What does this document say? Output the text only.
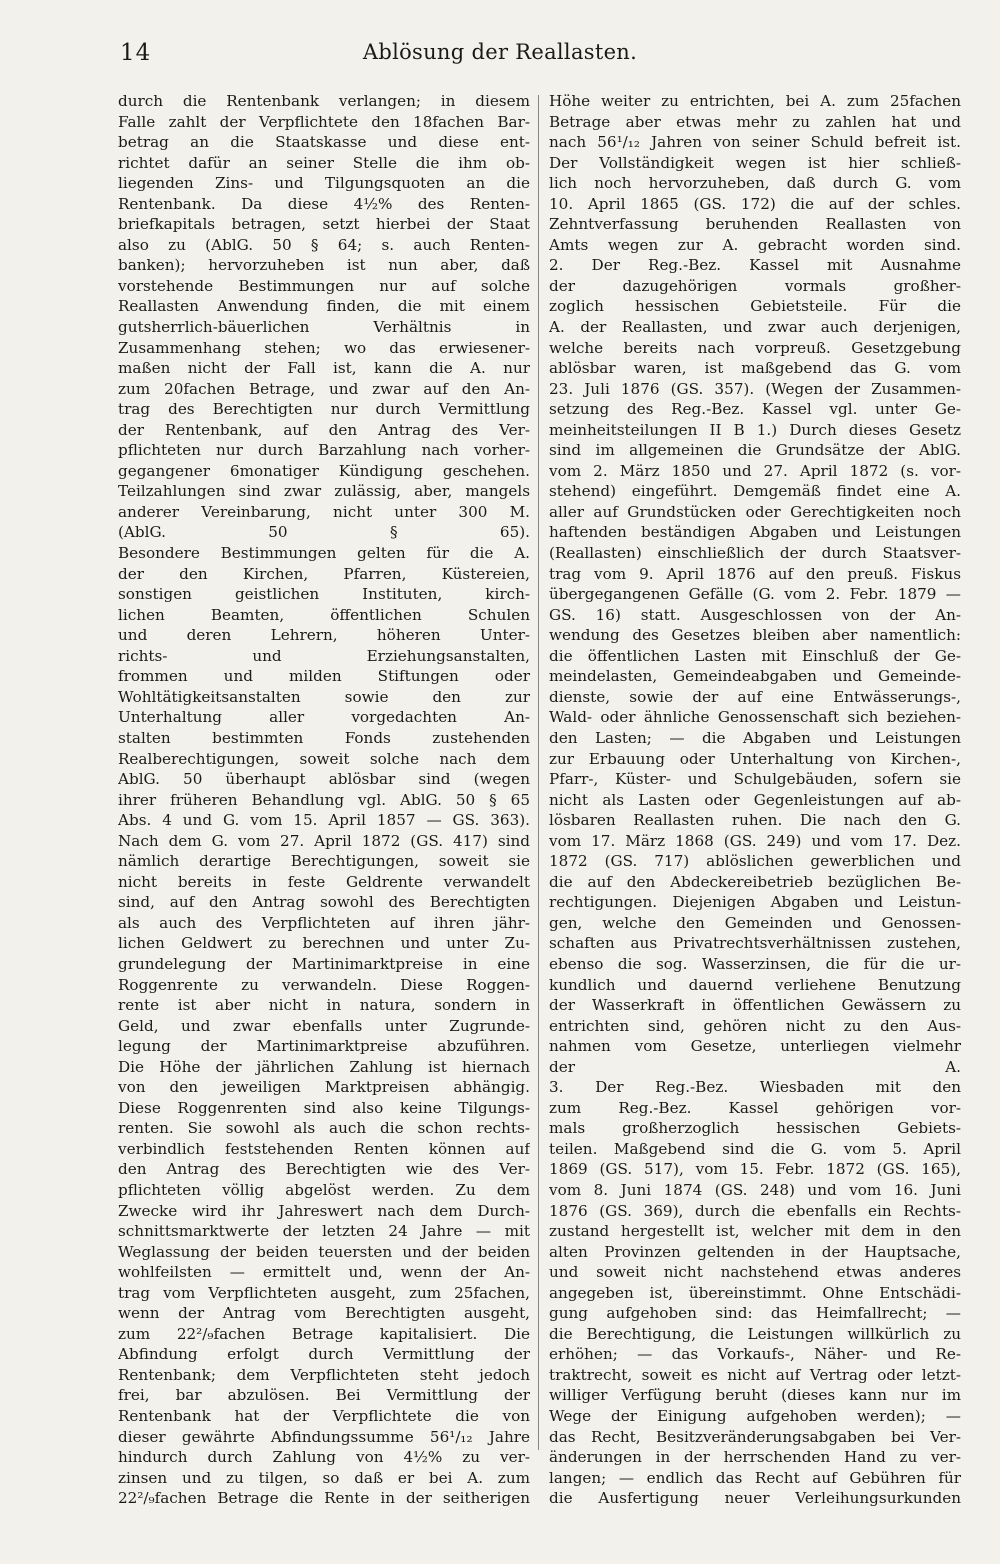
14	Ablösung der Reallasten.
durch die Rentenbank verlangen; in diesem
Falle zahlt der Verpflichtete den 18fachen Bar-
betrag an die Staatskasse und diese ent-
richtet dafür an seiner Stelle die ihm ob-
liegenden Zins- und Tilgungsquoten an die
Rentenbank. Da diese 4½% des Renten-
briefkapitals betragen, setzt hierbei der Staat
also zu (AblG. 50 § 64; s. auch Renten-
banken); hervorzuheben ist nun aber, daß
vorstehende Bestimmungen nur auf solche
Reallasten Anwendung finden, die mit einem
gutsherrlich-bäuerlichen Verhältnis in
Zusammenhang stehen; wo das erwiesener-
maßen nicht der Fall ist, kann die A. nur
zum 20fachen Betrage, und zwar auf den An-
trag des Berechtigten nur durch Vermittlung
der Rentenbank, auf den Antrag des Ver-
pflichteten nur durch Barzahlung nach vorher-
gegangener 6monatiger Kündigung geschehen.
Teilzahlungen sind zwar zulässig, aber, mangels
anderer Vereinbarung, nicht unter 300 M.
(AblG. 50 § 65).
Besondere Bestimmungen gelten für die A.
der den Kirchen, Pfarren, Küstereien,
sonstigen geistlichen Instituten, kirch-
lichen Beamten, öffentlichen Schulen
und deren Lehrern, höheren Unter-
richts- und Erziehungsanstalten,
frommen und milden Stiftungen oder
Wohltätigkeitsanstalten sowie den zur
Unterhaltung aller vorgedachten An-
stalten bestimmten Fonds zustehenden
Realberechtigungen, soweit solche nach dem
AblG. 50 überhaupt ablösbar sind (wegen
ihrer früheren Behandlung vgl. AblG. 50 § 65
Abs. 4 und G. vom 15. April 1857 — GS. 363).
Nach dem G. vom 27. April 1872 (GS. 417) sind
nämlich derartige Berechtigungen, soweit sie
nicht bereits in feste Geldrente verwandelt
sind, auf den Antrag sowohl des Berechtigten
als auch des Verpflichteten auf ihren jähr-
lichen Geldwert zu berechnen und unter Zu-
grundelegung der Martinimarktpreise in eine
Roggenrente zu verwandeln. Diese Roggen-
rente ist aber nicht in natura, sondern in
Geld, und zwar ebenfalls unter Zugrunde-
legung der Martinimarktpreise abzuführen.
Die Höhe der jährlichen Zahlung ist hiernach
von den jeweiligen Marktpreisen abhängig.
Diese Roggenrenten sind also keine Tilgungs-
renten. Sie sowohl als auch die schon rechts-
verbindlich feststehenden Renten können auf
den Antrag des Berechtigten wie des Ver-
pflichteten völlig abgelöst werden. Zu dem
Zwecke wird ihr Jahreswert nach dem Durch-
schnittsmarktwerte der letzten 24 Jahre — mit
Weglassung der beiden teuersten und der beiden
wohlfeilsten — ermittelt und, wenn der An-
trag vom Verpflichteten ausgeht, zum 25fachen,
wenn der Antrag vom Berechtigten ausgeht,
zum 22²/₉fachen Betrage kapitalisiert. Die
Abfindung erfolgt durch Vermittlung der
Rentenbank; dem Verpflichteten steht jedoch
frei, bar abzulösen. Bei Vermittlung der
Rentenbank hat der Verpflichtete die von
dieser gewährte Abfindungssumme 56¹/₁₂ Jahre
hindurch durch Zahlung von 4½% zu ver-
zinsen und zu tilgen, so daß er bei A. zum
22²/₉fachen Betrage die Rente in der seitherigen
Höhe weiter zu entrichten, bei A. zum 25fachen
Betrage aber etwas mehr zu zahlen hat und
nach 56¹/₁₂ Jahren von seiner Schuld befreit ist.
Der Vollständigkeit wegen ist hier schließ-
lich noch hervorzuheben, daß durch G. vom
10. April 1865 (GS. 172) die auf der schles.
Zehntverfassung beruhenden Reallasten von
Amts wegen zur A. gebracht worden sind.
2. Der Reg.-Bez. Kassel mit Ausnahme
der dazugehörigen vormals großher-
zoglich hessischen Gebietsteile. Für die
A. der Reallasten, und zwar auch derjenigen,
welche bereits nach vorpreuß. Gesetzgebung
ablösbar waren, ist maßgebend das G. vom
23. Juli 1876 (GS. 357). (Wegen der Zusammen-
setzung des Reg.-Bez. Kassel vgl. unter Ge-
meinheitsteilungen II B 1.) Durch dieses Gesetz
sind im allgemeinen die Grundsätze der AblG.
vom 2. März 1850 und 27. April 1872 (s. vor-
stehend) eingeführt. Demgemäß findet eine A.
aller auf Grundstücken oder Gerechtigkeiten noch
haftenden beständigen Abgaben und Leistungen
(Reallasten) einschließlich der durch Staatsver-
trag vom 9. April 1876 auf den preuß. Fiskus
übergegangenen Gefälle (G. vom 2. Febr. 1879 —
GS. 16) statt. Ausgeschlossen von der An-
wendung des Gesetzes bleiben aber namentlich:
die öffentlichen Lasten mit Einschluß der Ge-
meindelasten, Gemeindeabgaben und Gemeinde-
dienste, sowie der auf eine Entwässerungs-,
Wald- oder ähnliche Genossenschaft sich beziehen-
den Lasten; — die Abgaben und Leistungen
zur Erbauung oder Unterhaltung von Kirchen-,
Pfarr-, Küster- und Schulgebäuden, sofern sie
nicht als Lasten oder Gegenleistungen auf ab-
lösbaren Reallasten ruhen. Die nach den G.
vom 17. März 1868 (GS. 249) und vom 17. Dez.
1872 (GS. 717) ablöslichen gewerblichen und
die auf den Abdeckereibetrieb bezüglichen Be-
rechtigungen. Diejenigen Abgaben und Leistun-
gen, welche den Gemeinden und Genossen-
schaften aus Privatrechtsverhältnissen zustehen,
ebenso die sog. Wasserzinsen, die für die ur-
kundlich und dauernd verliehene Benutzung
der Wasserkraft in öffentlichen Gewässern zu
entrichten sind, gehören nicht zu den Aus-
nahmen vom Gesetze, unterliegen vielmehr
der A.
3. Der Reg.-Bez. Wiesbaden mit den
zum Reg.-Bez. Kassel gehörigen vor-
mals großherzoglich hessischen Gebiets-
teilen. Maßgebend sind die G. vom 5. April
1869 (GS. 517), vom 15. Febr. 1872 (GS. 165),
vom 8. Juni 1874 (GS. 248) und vom 16. Juni
1876 (GS. 369), durch die ebenfalls ein Rechts-
zustand hergestellt ist, welcher mit dem in den
alten Provinzen geltenden in der Hauptsache,
und soweit nicht nachstehend etwas anderes
angegeben ist, übereinstimmt. Ohne Entschädi-
gung aufgehoben sind: das Heimfallrecht; —
die Berechtigung, die Leistungen willkürlich zu
erhöhen; — das Vorkaufs-, Näher- und Re-
traktrecht, soweit es nicht auf Vertrag oder letzt-
williger Verfügung beruht (dieses kann nur im
Wege der Einigung aufgehoben werden); —
das Recht, Besitzveränderungsabgaben bei Ver-
änderungen in der herrschenden Hand zu ver-
langen; — endlich das Recht auf Gebühren für
die Ausfertigung neuer Verleihungsurkunden
